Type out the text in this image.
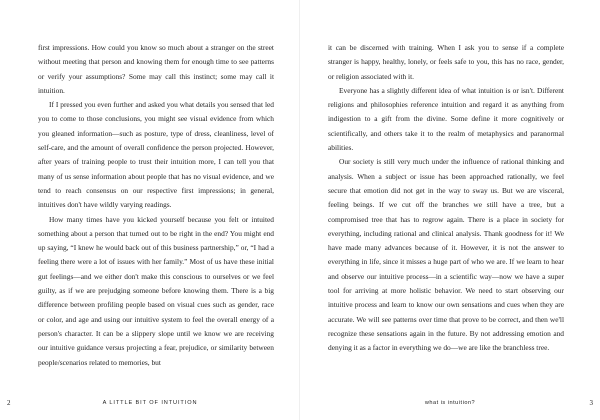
first impressions. How could you know so much about a stranger on the street without meeting that person and knowing them for enough time to see patterns or verify your assumptions? Some may call this instinct; some may call it intuition.

If I pressed you even further and asked you what details you sensed that led you to come to those conclusions, you might see visual evidence from which you gleaned information—such as posture, type of dress, cleanliness, level of self-care, and the amount of overall confidence the person projected. However, after years of training people to trust their intuition more, I can tell you that many of us sense information about people that has no visual evidence, and we tend to reach consensus on our respective first impressions; in general, intuitives don't have wildly varying readings.

How many times have you kicked yourself because you felt or intuited something about a person that turned out to be right in the end? You might end up saying, “I knew he would back out of this business partnership,” or, “I had a feeling there were a lot of issues with her family.” Most of us have these initial gut feelings—and we either don't make this conscious to ourselves or we feel guilty, as if we are prejudging someone before knowing them. There is a big difference between profiling people based on visual cues such as gender, race or color, and age and using our intuitive system to feel the overall energy of a person's character. It can be a slippery slope until we know we are receiving our intuitive guidance versus projecting a fear, prejudice, or similarity between people/scenarios related to memories, but

2	A LITTLE BIT OF INTUITION

it can be discerned with training. When I ask you to sense if a complete stranger is happy, healthy, lonely, or feels safe to you, this has no race, gender, or religion associated with it.

Everyone has a slightly different idea of what intuition is or isn't. Different religions and philosophies reference intuition and regard it as anything from indigestion to a gift from the divine. Some define it more cognitively or scientifically, and others take it to the realm of metaphysics and paranormal abilities.

Our society is still very much under the influence of rational thinking and analysis. When a subject or issue has been approached rationally, we feel secure that emotion did not get in the way to sway us. But we are visceral, feeling beings. If we cut off the branches we still have a tree, but a compromised tree that has to regrow again. There is a place in society for everything, including rational and clinical analysis. Thank goodness for it! We have made many advances because of it. However, it is not the answer to everything in life, since it misses a huge part of who we are. If we learn to hear and observe our intuitive process—in a scientific way—now we have a super tool for arriving at more holistic behavior. We need to start observing our intuitive process and learn to know our own sensations and cues when they are accurate. We will see patterns over time that prove to be correct, and then we'll recognize these sensations again in the future. By not addressing emotion and denying it as a factor in everything we do—we are like the branchless tree.

what is intuition?	3
